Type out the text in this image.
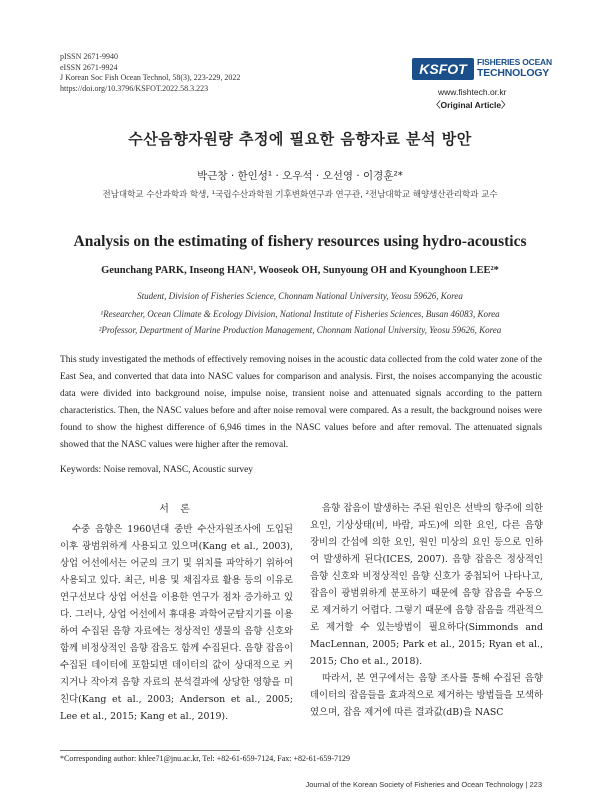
pISSN 2671-9940
eISSN 2671-9924
J Korean Soc Fish Ocean Technol, 58(3), 223-229, 2022
https://doi.org/10.3796/KSFOT.2022.58.3.223
KSFOT FISHERIES OCEAN
TECHNOLOGY
www.fishtech.or.kr
〈Original Article〉
수산음향자원량 추정에 필요한 음향자료 분석 방안
박근창 · 한인성¹ · 오우석 · 오선영 · 이경훈²*
전남대학교 수산과학과 학생, ¹국립수산과학원 기후변화연구과 연구관, ²전남대학교 해양생산관리학과 교수
Analysis on the estimating of fishery resources using hydro-acoustics
Geunchang PARK, Inseong HAN¹, Wooseok OH, Sunyoung OH and Kyounghoon LEE²*
Student, Division of Fisheries Science, Chonnam National University, Yeosu 59626, Korea
¹Researcher, Ocean Climate & Ecology Division, National Institute of Fisheries Sciences, Busan 46083, Korea
²Professor, Department of Marine Production Management, Chonnam National University, Yeosu 59626, Korea
This study investigated the methods of effectively removing noises in the acoustic data collected from the cold water zone of the East Sea, and converted that data into NASC values for comparison and analysis. First, the noises accompanying the acoustic data were divided into background noise, impulse noise, transient noise and attenuated signals according to the pattern characteristics. Then, the NASC values before and after noise removal were compared. As a result, the background noises were found to show the highest difference of 6,946 times in the NASC values before and after removal. The attenuated signals showed that the NASC values were higher after the removal.
Keywords: Noise removal, NASC, Acoustic survey
서 론

수중 음향은 1960년대 중반 수산자원조사에 도입된 이후 광범위하게 사용되고 있으며(Kang et al., 2003), 상업 어선에서는 어군의 크기 및 위치를 파악하기 위하여 사용되고 있다. 최근, 비용 및 채집자료 활용 등의 이유로 연구선보다 상업 어선을 이용한 연구가 점차 증가하고 있다. 그러나, 상업 어선에서 휴대용 과학어군탐지기를 이용하여 수집된 음향 자료에는 정상적인 생물의 음향 신호와 함께 비정상적인 음향 잡음도 함께 수집된다. 음향 잡음이 수집된 데이터에 포함되면 데이터의 값이 상대적으로 커지거나 작아져 음향 자료의 분석결과에 상당한 영향을 미친다(Kang et al., 2003; Anderson et al., 2005; Lee et al., 2015; Kang et al., 2019).

음향 잡음이 발생하는 주된 원인은 선박의 항주에 의한 요인, 기상상태(비, 바람, 파도)에 의한 요인, 다른 음향 장비의 간섭에 의한 요인, 원인 미상의 요인 등으로 인하여 발생하게 된다(ICES, 2007). 음향 잡음은 정상적인 음향 신호와 비정상적인 음향 신호가 중첩되어 나타나고, 잡음이 광범위하게 분포하기 때문에 음향 잡음을 수동으로 제거하기 어렵다. 그렇기 때문에 음향 잡음을 객관적으로 제거할 수 있는방법이 필요하다(Simmonds and MacLennan, 2005; Park et al., 2015; Ryan et al., 2015; Cho et al., 2018).

따라서, 본 연구에서는 음향 조사를 통해 수집된 음향 데이터의 잡음들을 효과적으로 제거하는 방법들을 모색하였으며, 잡음 제거에 따른 결과값(dB)을 NASC

*Corresponding author: khlee71@jnu.ac.kr, Tel: +82-61-659-7124, Fax: +82-61-659-7129
Journal of the Korean Society of Fisheries and Ocean Technology | 223
